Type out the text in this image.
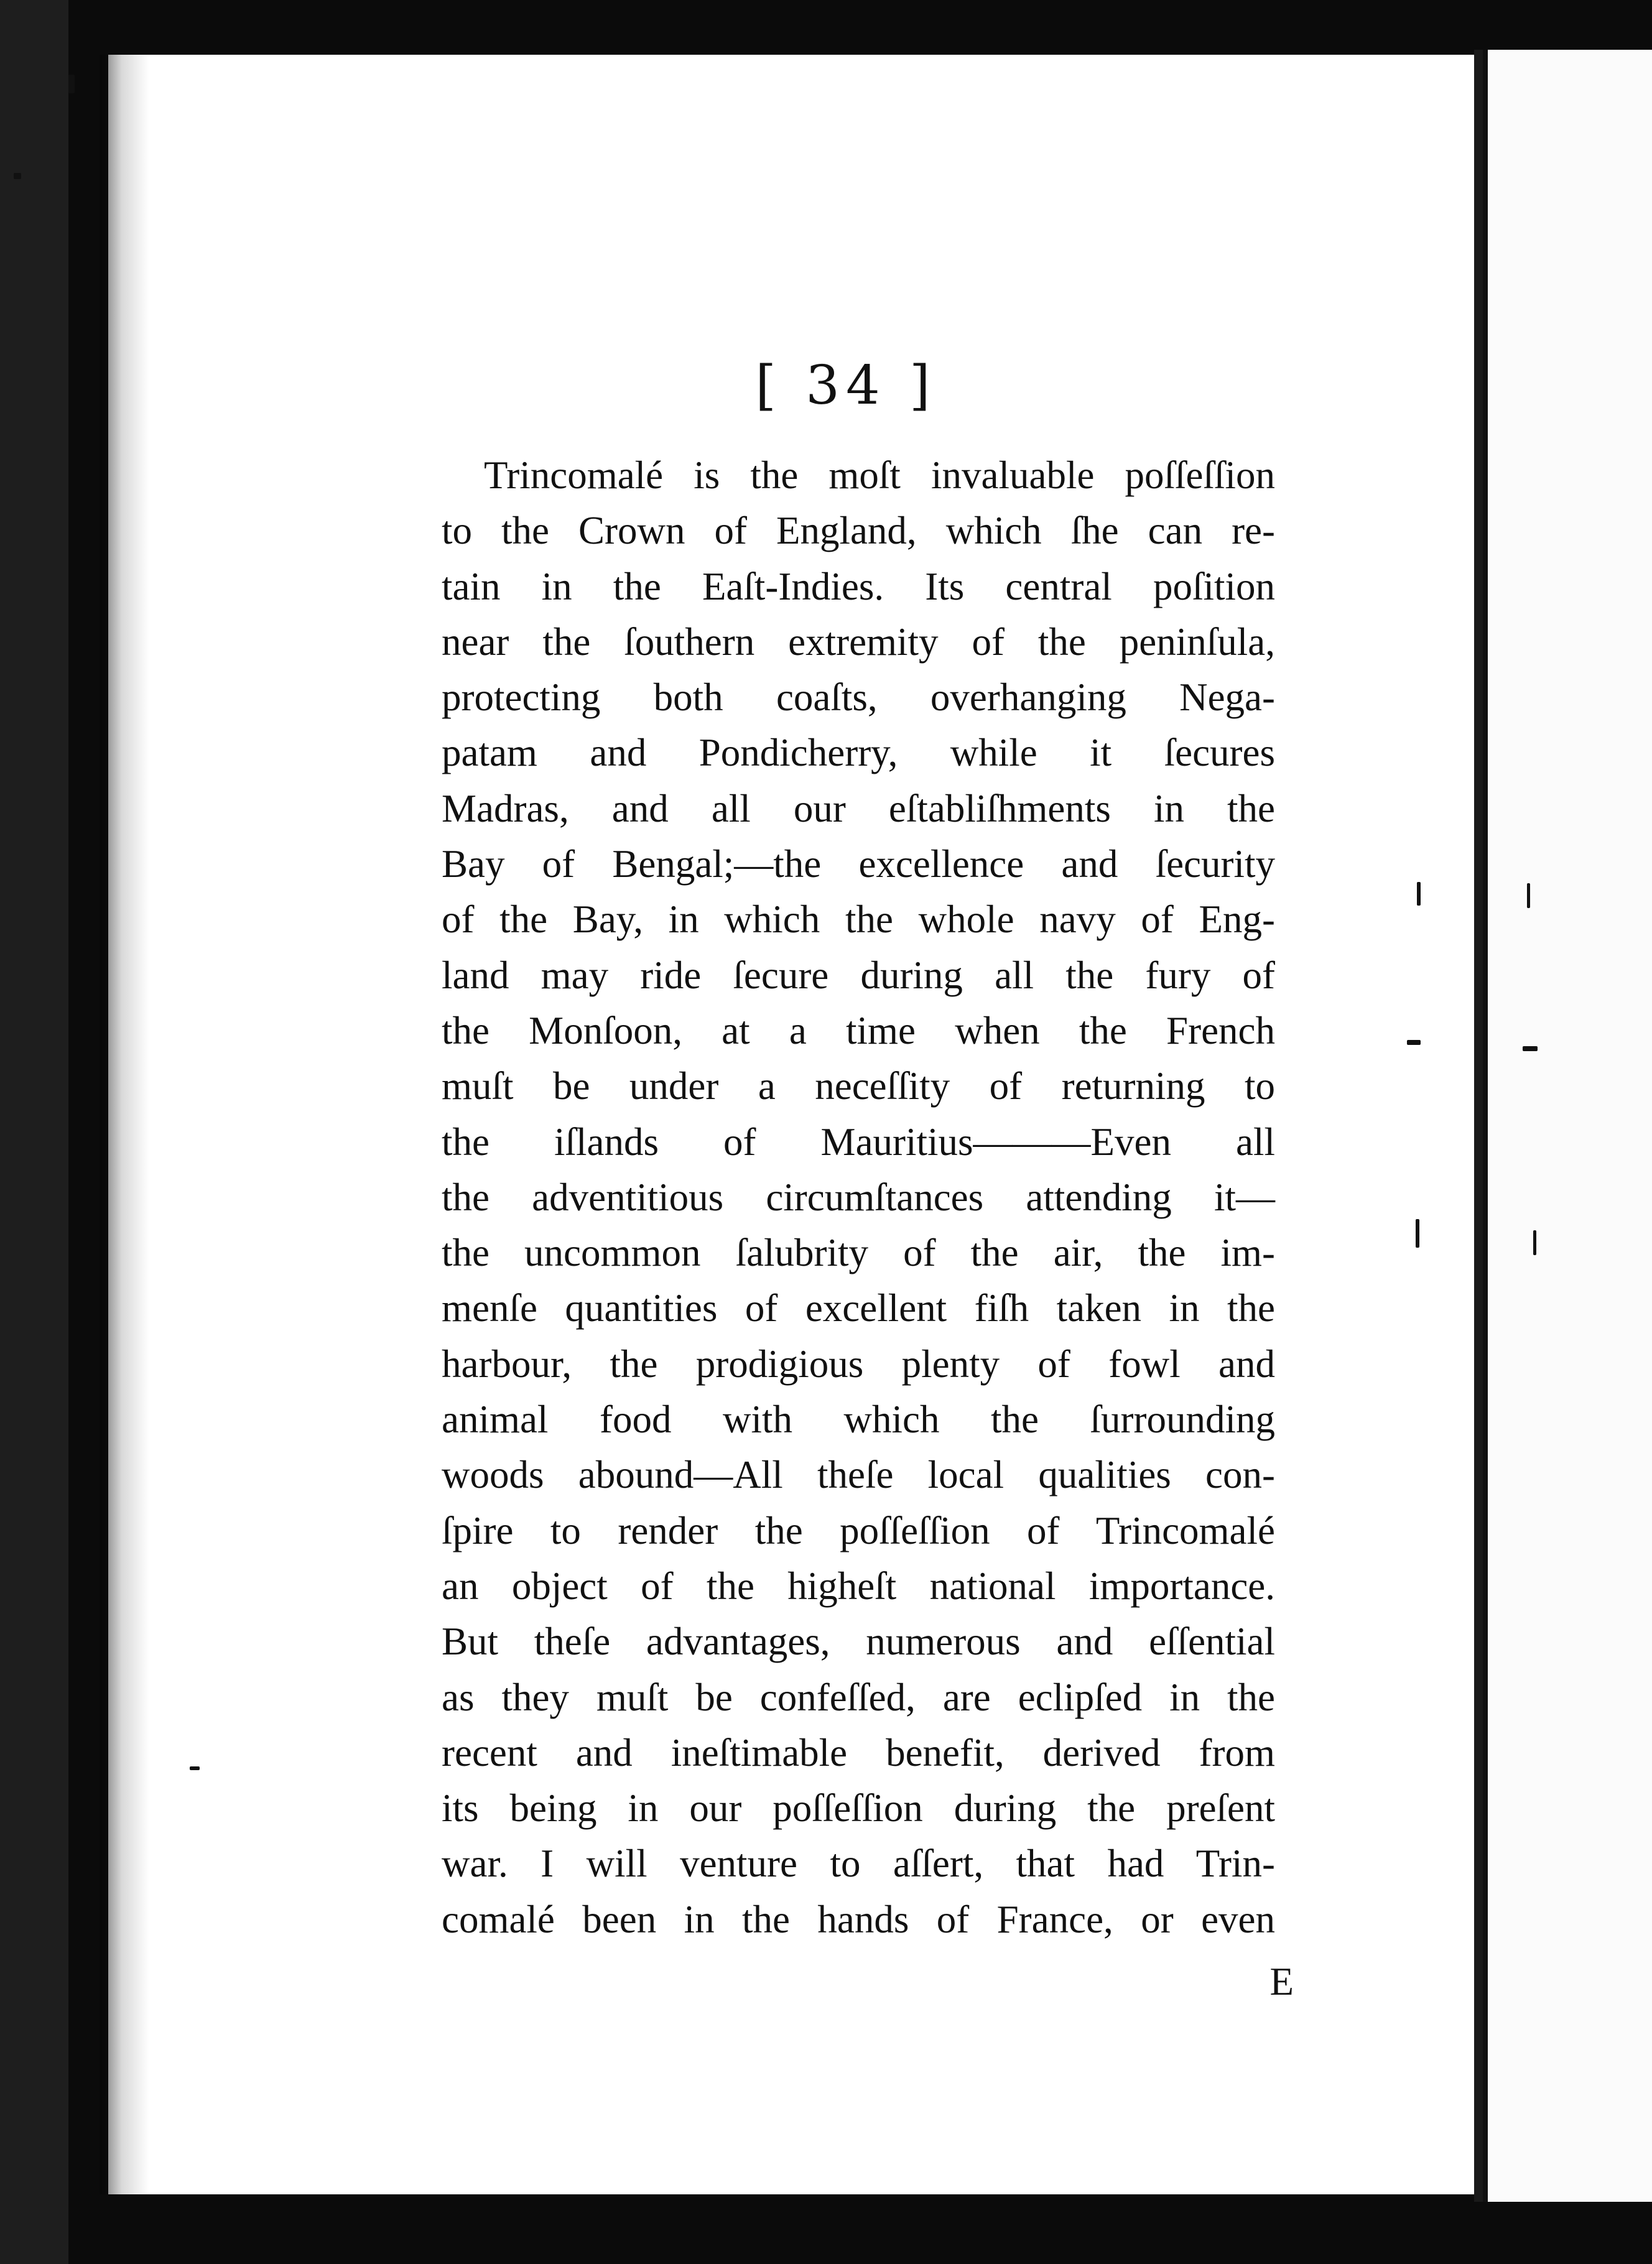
[ 34 ]
Trincomalé is the moſt invaluable poſſeſſion
to the Crown of England, which ſhe can re-
tain in the Eaſt-Indies. Its central poſition
near the ſouthern extremity of the peninſula,
protecting both coaſts, overhanging Nega-
patam and Pondicherry, while it ſecures
Madras, and all our eſtabliſhments in the
Bay of Bengal;—the excellence and ſecurity
of the Bay, in which the whole navy of Eng-
land may ride ſecure during all the fury of
the Monſoon, at a time when the French
muſt be under a neceſſity of returning to
the iſlands of Mauritius———Even all
the adventitious circumſtances attending it—
the uncommon ſalubrity of the air, the im-
menſe quantities of excellent fiſh taken in the
harbour, the prodigious plenty of fowl and
animal food with which the ſurrounding
woods abound—All theſe local qualities con-
ſpire to render the poſſeſſion of Trincomalé
an object of the higheſt national importance.
But theſe advantages, numerous and eſſential
as they muſt be confeſſed, are eclipſed in the
recent and ineſtimable benefit, derived from
its being in our poſſeſſion during the preſent
war. I will venture to aſſert, that had Trin-
comalé been in the hands of France, or even
E
